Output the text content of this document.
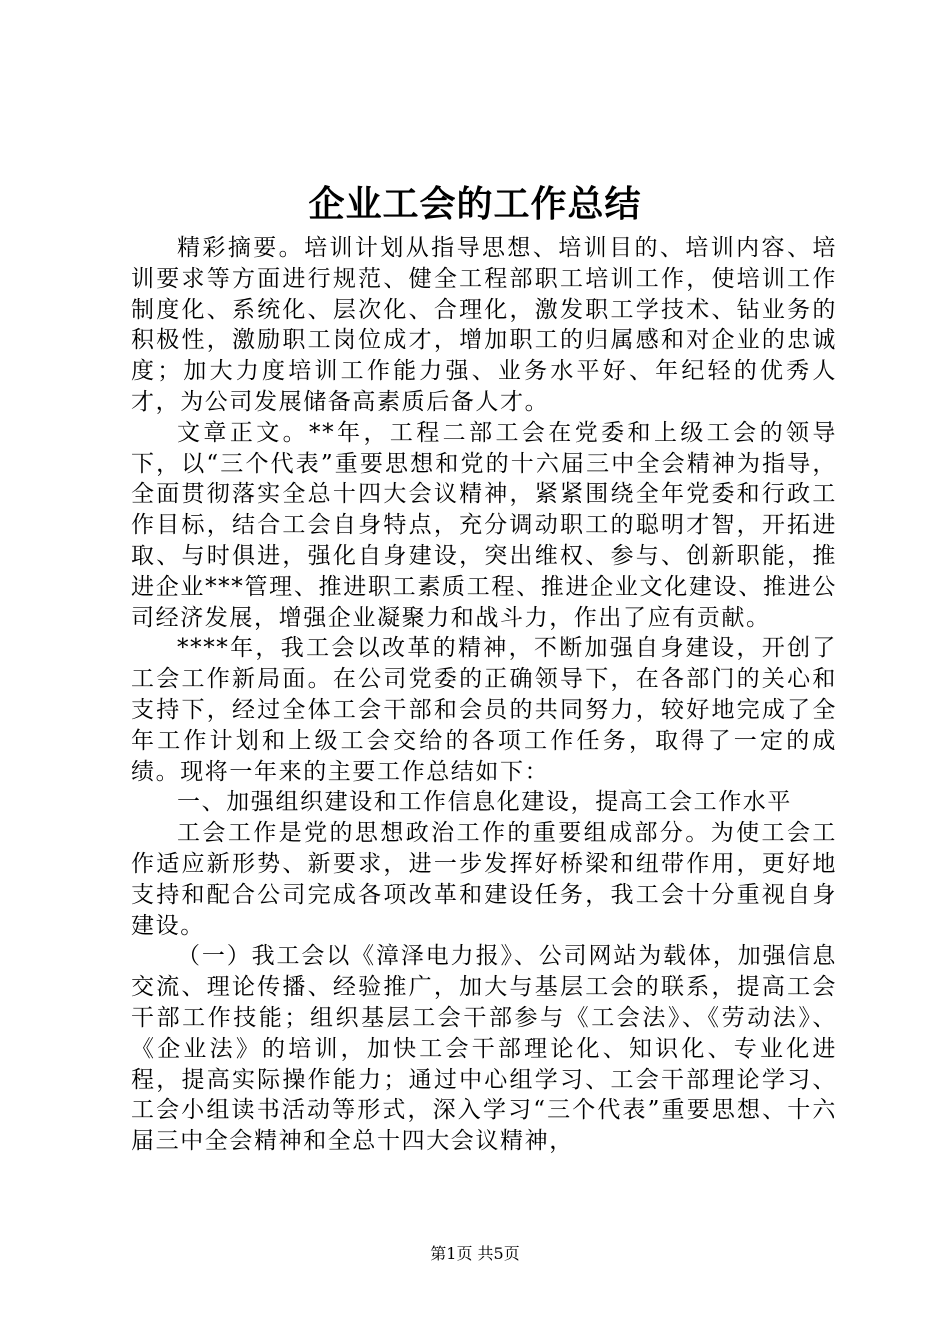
企业工会的工作总结

精彩摘要。培训计划从指导思想、培训目的、培训内容、培训要求等方面进行规范、健全工程部职工培训工作，使培训工作制度化、系统化、层次化、合理化，激发职工学技术、钻业务的积极性，激励职工岗位成才，增加职工的归属感和对企业的忠诚度；加大力度培训工作能力强、业务水平好、年纪轻的优秀人才，为公司发展储备高素质后备人才。

文章正文。**年，工程二部工会在党委和上级工会的领导下，以“三个代表”重要思想和党的十六届三中全会精神为指导，全面贯彻落实全总十四大会议精神，紧紧围绕全年党委和行政工作目标，结合工会自身特点，充分调动职工的聪明才智，开拓进取、与时俱进，强化自身建设，突出维权、参与、创新职能，推进企业***管理、推进职工素质工程、推进企业文化建设、推进公司经济发展，增强企业凝聚力和战斗力，作出了应有贡献。

****年，我工会以改革的精神，不断加强自身建设，开创了工会工作新局面。在公司党委的正确领导下，在各部门的关心和支持下，经过全体工会干部和会员的共同努力，较好地完成了全年工作计划和上级工会交给的各项工作任务，取得了一定的成绩。现将一年来的主要工作总结如下：

一、加强组织建设和工作信息化建设，提高工会工作水平

工会工作是党的思想政治工作的重要组成部分。为使工会工作适应新形势、新要求，进一步发挥好桥梁和纽带作用，更好地支持和配合公司完成各项改革和建设任务，我工会十分重视自身建设。

（一）我工会以《漳泽电力报》、公司网站为载体，加强信息交流、理论传播、经验推广，加大与基层工会的联系，提高工会干部工作技能；组织基层工会干部参与《工会法》、《劳动法》、《企业法》的培训，加快工会干部理论化、知识化、专业化进程，提高实际操作能力；通过中心组学习、工会干部理论学习、工会小组读书活动等形式，深入学习“三个代表”重要思想、十六届三中全会精神和全总十四大会议精神，

第1页 共5页
